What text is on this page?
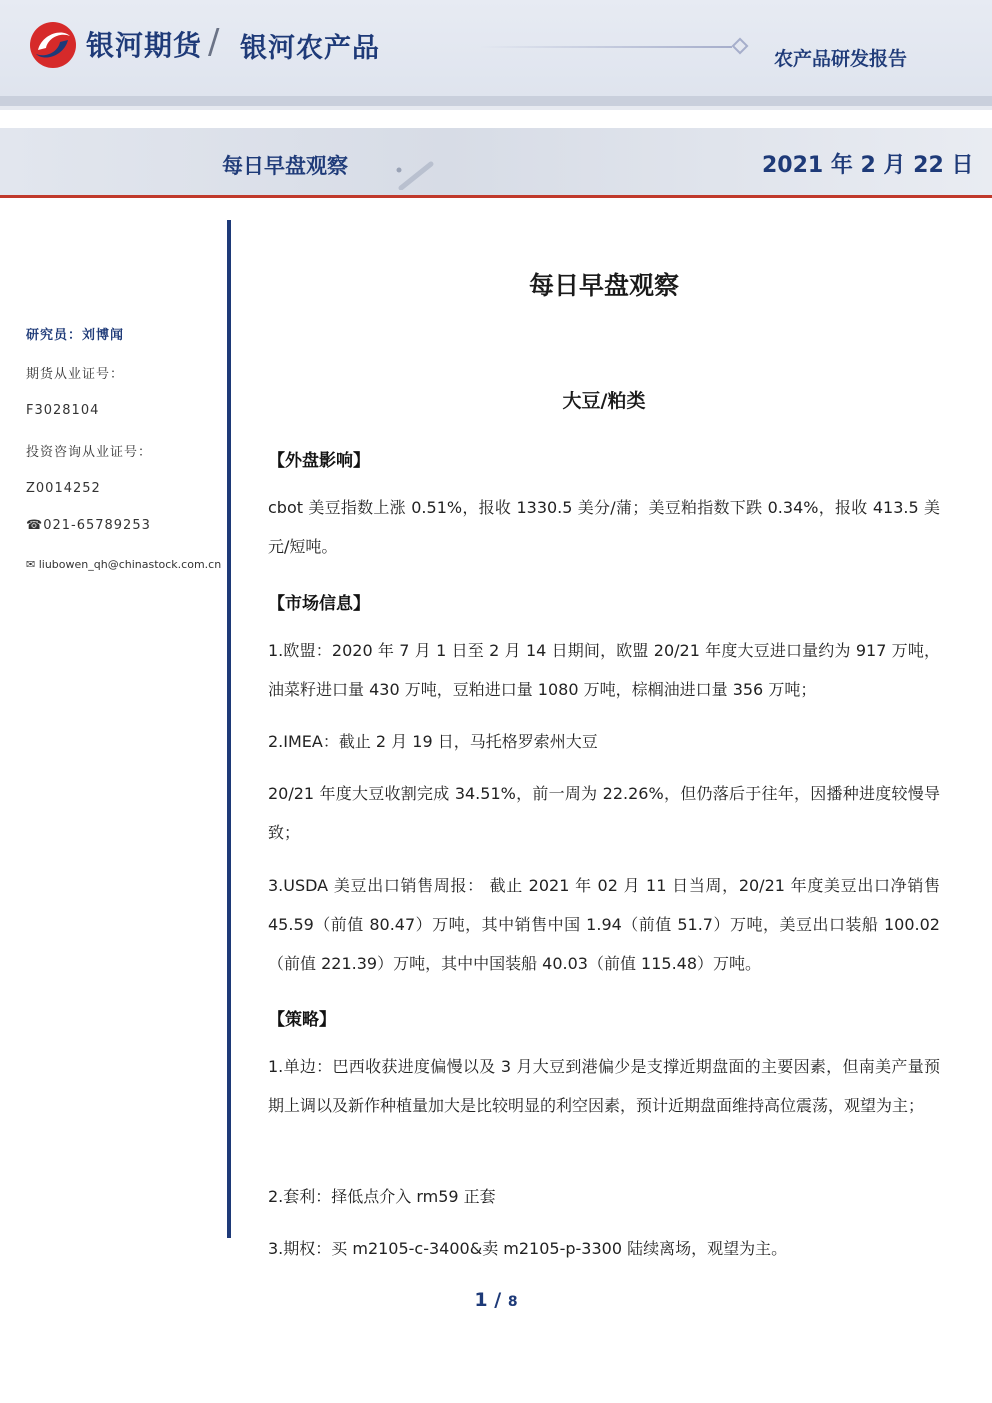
银河期货 / 银河农产品	农产品研发报告
每日早盘观察	2021 年 2 月 22 日
研究员：刘博闻
期货从业证号：
F3028104
投资咨询从业证号：
Z0014252
☎021-65789253
✉ liubowen_qh@chinastock.com.cn
每日早盘观察
大豆/粕类
【外盘影响】
cbot 美豆指数上涨 0.51%，报收 1330.5 美分/蒲；美豆粕指数下跌 0.34%，报收 413.5 美元/短吨。
【市场信息】
1.欧盟：2020 年 7 月 1 日至 2 月 14 日期间，欧盟 20/21 年度大豆进口量约为 917 万吨，油菜籽进口量 430 万吨，豆粕进口量 1080 万吨，棕榈油进口量 356 万吨；
2.IMEA：截止 2 月 19 日，马托格罗索州大豆
20/21 年度大豆收割完成 34.51%，前一周为 22.26%，但仍落后于往年，因播种进度较慢导致；
3.USDA 美豆出口销售周报： 截止 2021 年 02 月 11 日当周，20/21 年度美豆出口净销售 45.59（前值 80.47）万吨，其中销售中国 1.94（前值 51.7）万吨，美豆出口装船 100.02（前值 221.39）万吨，其中中国装船 40.03（前值 115.48）万吨。
【策略】
1.单边：巴西收获进度偏慢以及 3 月大豆到港偏少是支撑近期盘面的主要因素，但南美产量预期上调以及新作种植量加大是比较明显的利空因素，预计近期盘面维持高位震荡，观望为主；
2.套利：择低点介入 rm59 正套
3.期权：买 m2105-c-3400&卖 m2105-p-3300 陆续离场，观望为主。
1 / 8
